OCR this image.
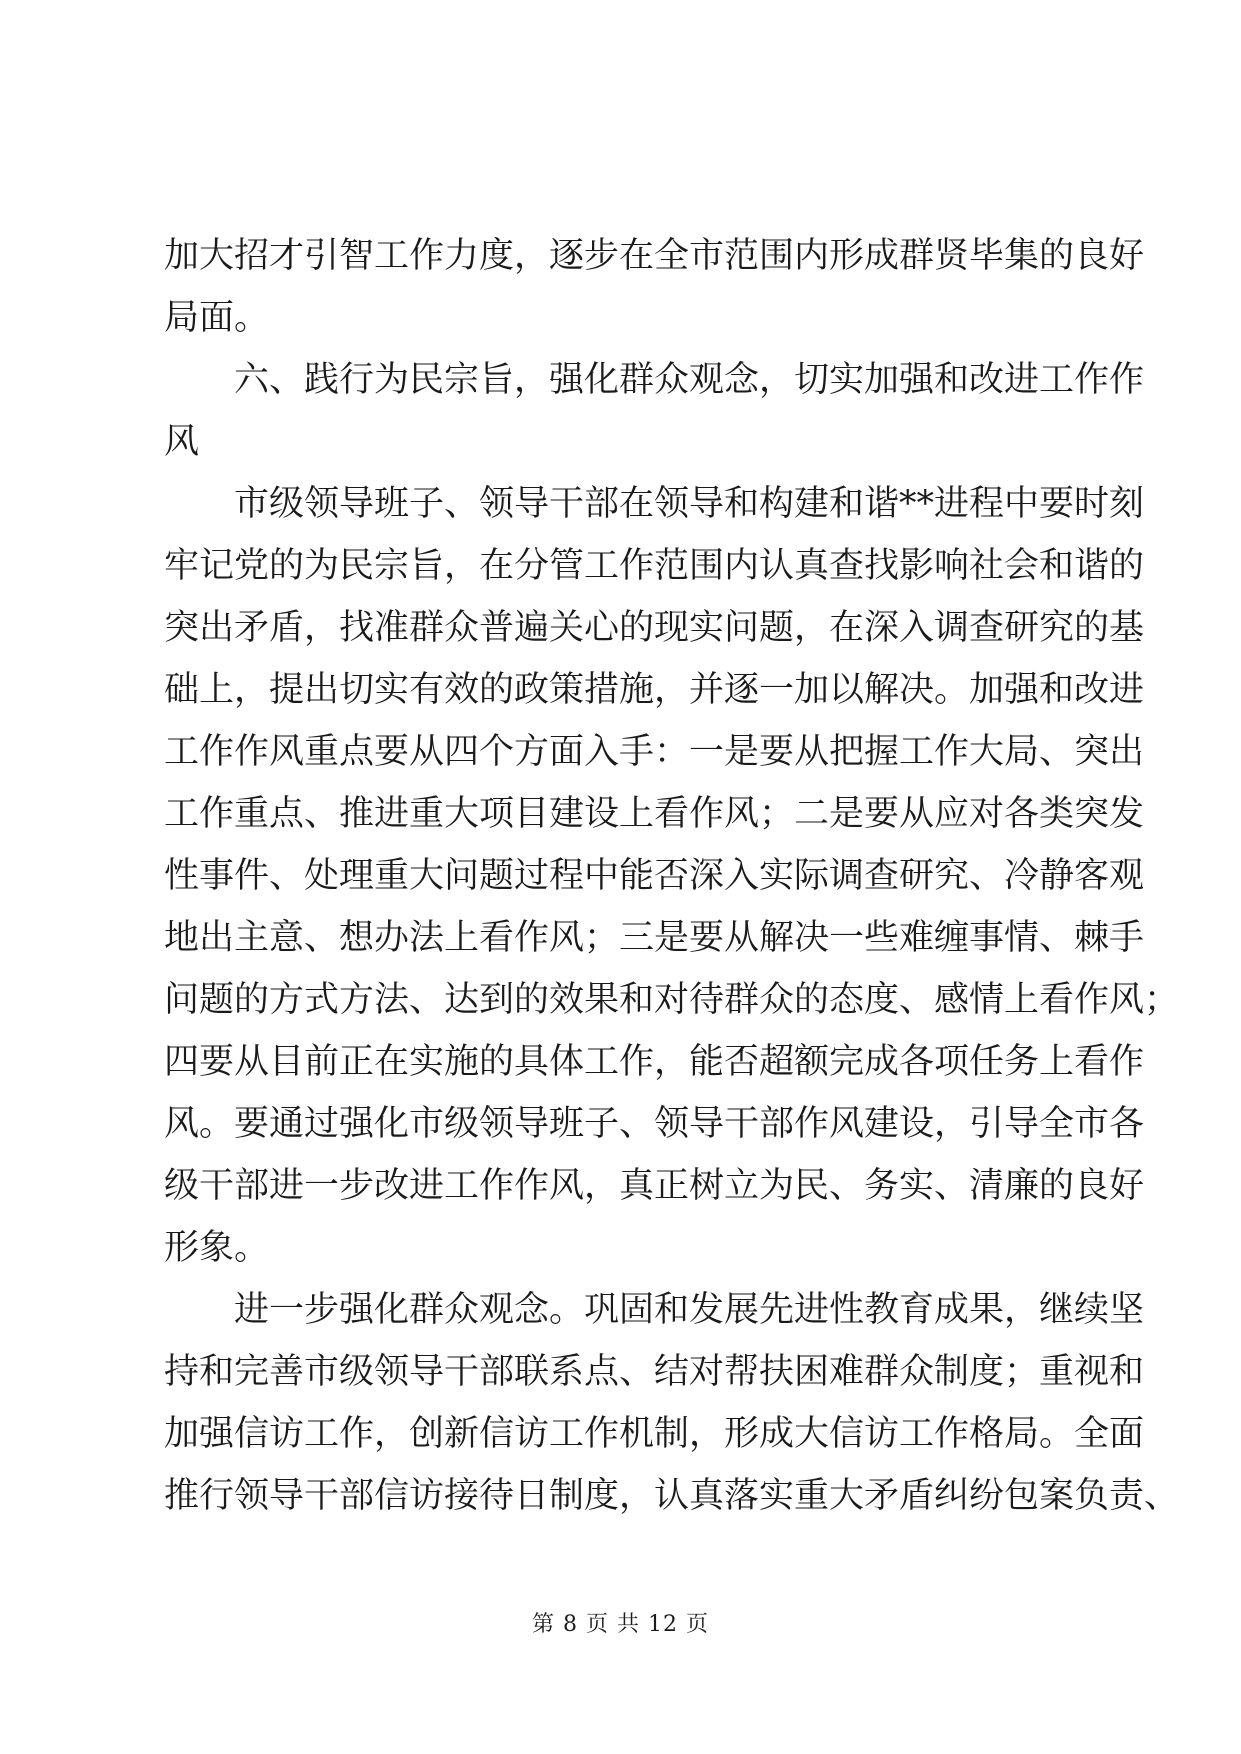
加大招才引智工作力度，逐步在全市范围内形成群贤毕集的良好
局面。
六、践行为民宗旨，强化群众观念，切实加强和改进工作作
风
市级领导班子、领导干部在领导和构建和谐**进程中要时刻
牢记党的为民宗旨，在分管工作范围内认真查找影响社会和谐的
突出矛盾，找准群众普遍关心的现实问题，在深入调查研究的基
础上，提出切实有效的政策措施，并逐一加以解决。加强和改进
工作作风重点要从四个方面入手：一是要从把握工作大局、突出
工作重点、推进重大项目建设上看作风；二是要从应对各类突发
性事件、处理重大问题过程中能否深入实际调查研究、冷静客观
地出主意、想办法上看作风；三是要从解决一些难缠事情、棘手
问题的方式方法、达到的效果和对待群众的态度、感情上看作风；
四要从目前正在实施的具体工作，能否超额完成各项任务上看作
风。要通过强化市级领导班子、领导干部作风建设，引导全市各
级干部进一步改进工作作风，真正树立为民、务实、清廉的良好
形象。
进一步强化群众观念。巩固和发展先进性教育成果，继续坚
持和完善市级领导干部联系点、结对帮扶困难群众制度；重视和
加强信访工作，创新信访工作机制，形成大信访工作格局。全面
推行领导干部信访接待日制度，认真落实重大矛盾纠纷包案负责、
第 8 页 共 12 页
